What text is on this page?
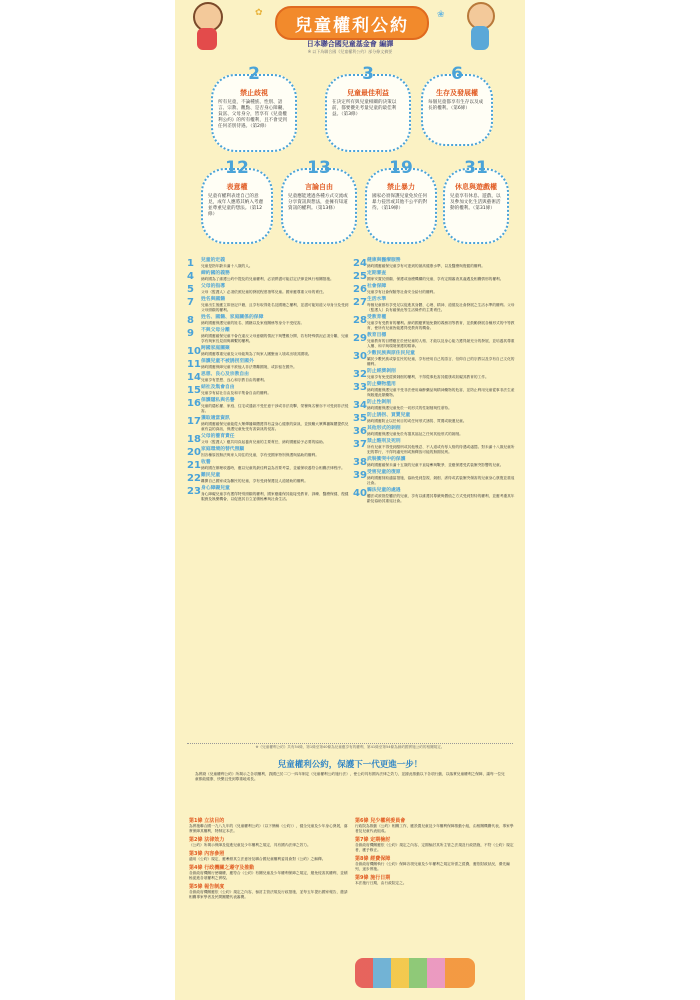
✿	❀
兒童權利公約
日本聯合國兒童基金會 編譯
※ 以下為聯合國《兒童權利公約》部分條文摘要
2
禁止歧視
所有兒童，不論種族、性別、語言、宗教、觀點、是否身心障礙、貧富、父母身分，皆享有《兒童權利公約》的所有權利，且不會受到任何差別待遇。（第2條）
3
兒童最佳利益
在決定所有與兒童相關的決策以前，都要優先考量兒童的最佳利益。（第3條）
6
生存及發展權
每個兒童都享有生存以及成長的權利。（第6條）
12
表意權
兒童有權利表達自己的意見，成年人應將其納入考慮並尊重兒童的想法。（第12條）
13
言論自由
兒童應能透過各種方式交流或分享資訊與想法，並擁有知道資訊的權利。（第13條）
19
禁止暴力
國家必須保護兒童免於任何暴力侵害或其他不公平的對待。（第19條）
31
休息與遊戲權
兒童享有休息、遊戲，以及參加文化生活與藝術活動的權利。（第31條）
1	兒童的定義
兒童是指年齡未滿十八歲的人。
4	締約國的義務
締約國為了維護公約中提及的兒童權利，必須將盡可能訂定法律並執行相關措施。
5	父母的指導
父母（監護人）必須依照兒童的發展程度指導兒童。國家應尊重父母的責任。
7	姓名與國籍
兒童出生後應立即登記戶籍，且享有取得姓名及國籍之權利，並盡可能知道父母身分及受到父母照顧的權利。
8	姓名、國籍、家庭關係的保障
締約國應保護兒童的姓名、國籍以及家庭關係等身分不受侵害。
9	不與父母分離
締約國應確保兒童不會在違反父母意願的情況下與雙親分開，若有特殊情況必須分離，兒童享有與家長見面與聯繫的權利。
10 跨國家庭團聚
締約國應尊重兒童及父母能夠為了與家人團聚而入境或出境其國境。
11 保護兒童不被誘拐至國外
締約國應保障兒童不被他人非法帶離國境，或扣留在國外。
14 思想、良心及宗教自由
兒童享有思想、良心和宗教自由的權利。
15 結社及集會自由
兒童享有結社自由及和平集會自由的權利。
16 保護隱私與名譽
兒童的隱私權、家庭、住宅或通訊不受任意干涉或非法攻擊，榮譽與名譽亦不可受到非法侵害。
17 獲取適當資訊
締約國應確保兒童能從大眾傳播媒體獲得有益身心健康的資訊，並鼓勵大眾傳播媒體提供兒童有益的資訊，保護兒童免受有害資訊的侵害。
18 父母的養育責任
父母（監護人）應共同負起養育兒童的主要責任，締約國應給予必要的協助。
20 家庭環境的替代照顧
因各種原因無法與家人同住的兒童，享有受國家特別保護與協助的權利。
21 收養
締約國在辦理收養時，應以兒童的最佳利益為首要考量，並確保收養符合相關法律程序。
22 難民兒童
離開自己國家成為難民的兒童，享有受到保護及人道援助的權利。
23 身心障礙兒童
身心障礙兒童享有獲得特別照顧的權利，國家應確保其能接受教育、訓練、醫療保健、復健服務及娛樂機會，以促進其自立並積極參與社會生活。
24 健康與醫療服務
締約國應確保兒童享有可達到的最高健康水準，以及醫療與復健的權利。
25 定期審查
國家安置於照顧、保護或治療機構的兒童，享有定期審查其處遇及相關情形的權利。
26 社會保障
兒童享有社會保險等社會安全給付的權利。
27 生活水準
每個兒童都有享受足以促進其身體、心理、精神、道德及社會發展之生活水準的權利。父母（監護人）負有確保此等生活條件的主要責任。
28 受教育權
兒童享有受教育的權利。締約國應實施免費的義務初等教育，並鼓勵發展各種形式的中等教育，使所有兒童皆能獲得受教育的機會。
29 教育目標
兒童教育的目標應在於使兒童的人格、才能以及身心能力獲得最充分的發展，並培養其尊重人權、和平與環境保護的精神。
30 少數民族與原住民兒童
屬於少數民族或原住民的兒童，享有使用自己的語言、信仰自己的宗教以及享有自己文化的權利。
32 防止經濟剝削
兒童享有免受經濟剝削的權利，不得從事危害其健康或妨礙其教育的工作。
33 防止藥物濫用
締約國應保護兒童不受非法使用麻醉藥品與精神藥物的危害，並防止利用兒童從事非法生產與販運此類藥物。
34 防止性剝削
締約國應保護兒童免於一切形式的性剝削與性虐待。
35 防止誘拐、買賣兒童
締約國應防止以任何目的或任何形式誘拐、買賣或販運兒童。
36 其他形式的剝削
締約國應保護兒童免於有損其福祉之任何其他形式的剝削。
37 禁止酷刑及死刑
所有兒童不得受到酷刑或其他殘忍、不人道或有辱人格的待遇或處罰。對未滿十八歲兒童所犯的罪行，不得判處死刑或無釋放可能的無期徒刑。
38 武裝衝突中的保護
締約國應確保未滿十五歲的兒童不直接參與戰爭，並應保護受武裝衝突影響的兒童。
39 受害兒童的復原
締約國應採取適當措施，協助受到忽視、剝削、虐待或武裝衝突傷害的兒童身心康復並重返社會。
40 觸法兒童的處遇
觸法或被指控觸法的兒童，享有以維護其尊嚴與價值之方式受到對待的權利，並應考慮其年齡及協助其重返社會。
※《兒童權利公約》共有54條，第1條至第40條為兒童應享有的權利，第41條至第54條為締約國實施公約的相關規定。
兒童權利公約，保護下一代更進一步！
為實踐《兒童權利公約》所揭示之各項權利，我國已於二〇一四年制定《兒童權利公約施行法》，使公約具有國內法律之效力，並據此推動以下各項行動，以落實兒童權利之保障，讓每一位兒童都能健康、快樂且受到尊重地成長。
第1條 立法目的
為實施聯合國一九八九年的《兒童權利公約》（以下簡稱《公約》），健全兒童及少年身心發展，落實保障其權利，特制定本法。
第2條 法律效力
《公約》所揭示保障及促進兒童及少年權利之規定，具有國內法律之效力。
第3條 內容參照
適用《公約》規定，應參照其立法意旨及聯合國兒童權利委員會對《公約》之解釋。
第4條 行政機關之遵守及推動
各級政府機關行使職權，應符合《公約》有關兒童及少年權利保障之規定，避免侵害其權利，並積極促進各項權利之實現。
第5條 報告制度
各級政府機關應依《公約》規定之內容，檢討主管法規及行政措施，並每五年提出國家報告，邀請相關專家學者及民間團體代表審閱。
第6條 兒少權利委員會
行政院為推動《公約》相關工作，應設置兒童及少年權利保障推動小組，由相關機關代表、專家學者及兒童代表組成。
第7條 定期檢討
各級政府機關應依《公約》規定之內容，定期檢討其所主管之法規及行政措施，不符《公約》規定者，應予修正。
第8條 經費保障
各級政府機關執行《公約》保障各項兒童及少年權利之規定所需之經費，應依財政狀況，優先編列，逐步實施。
第9條 施行日期
本法施行日期，由行政院定之。
